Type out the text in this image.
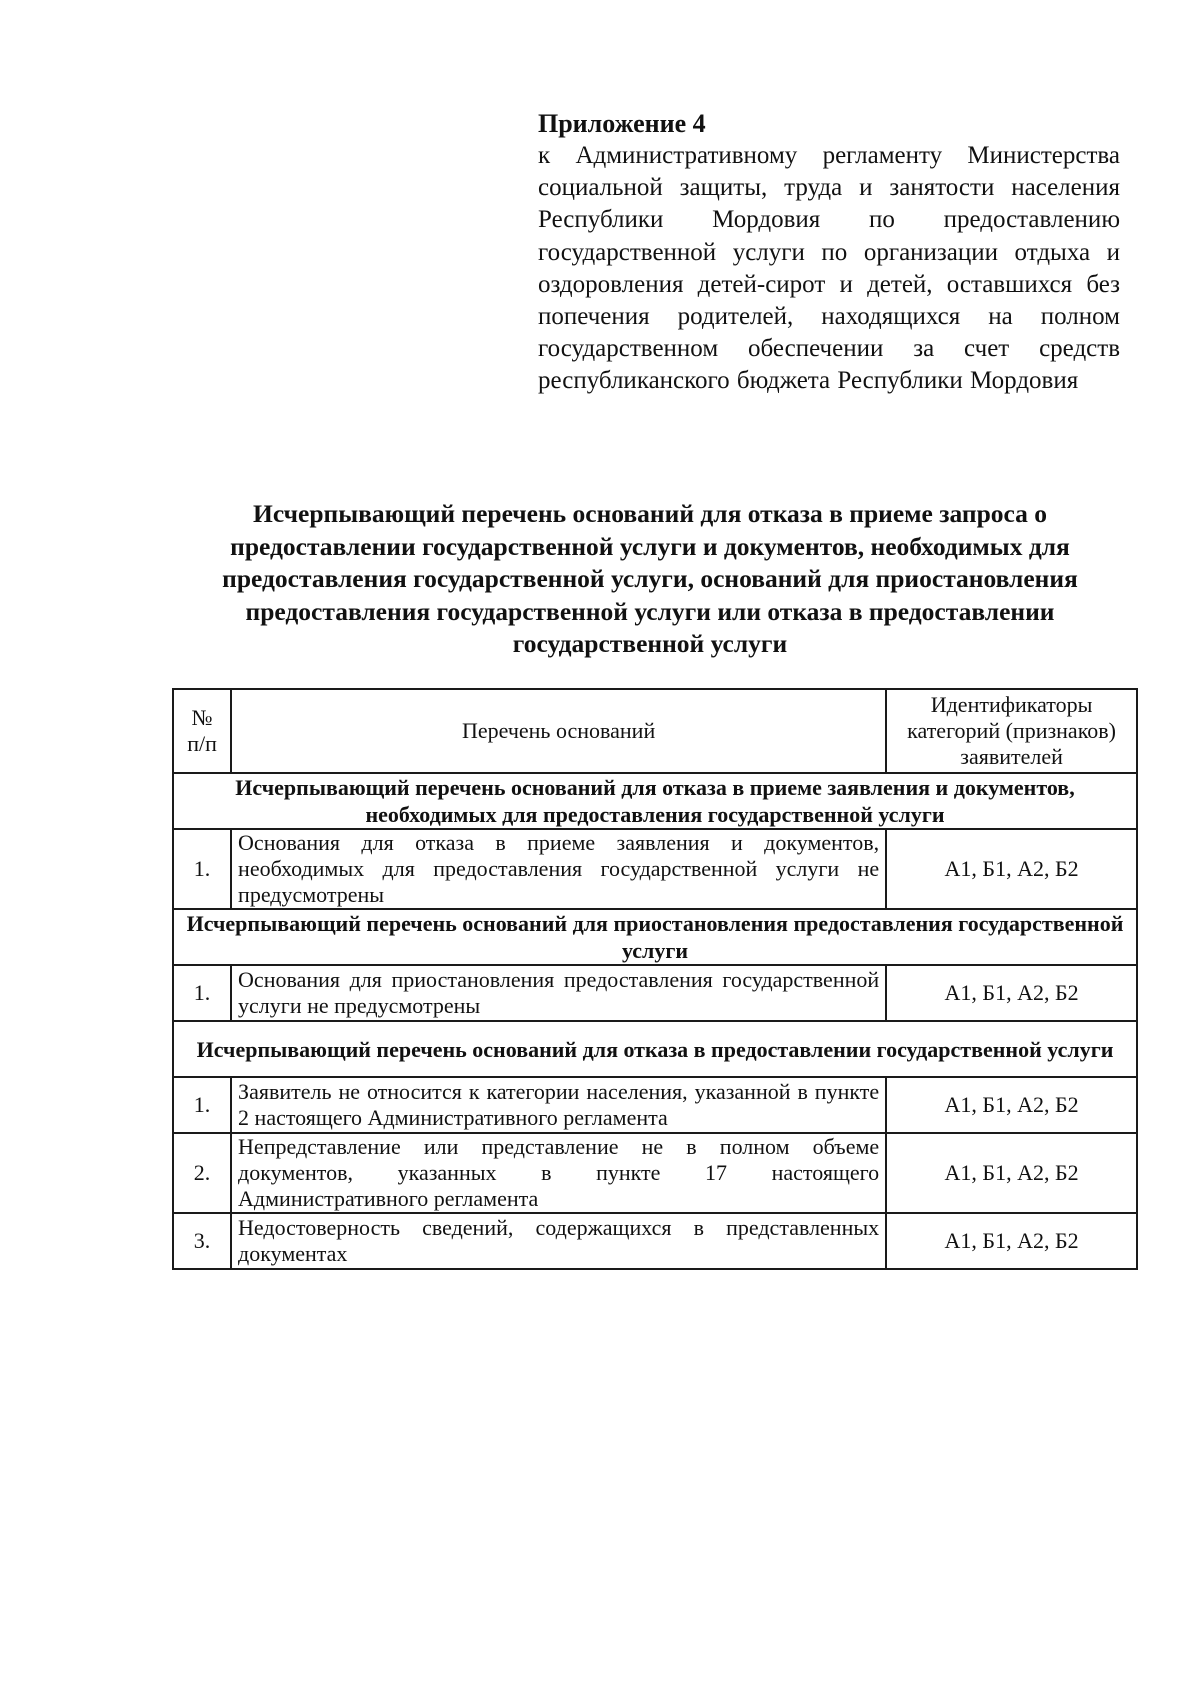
Приложение 4
к Административному регламенту Министерства социальной защиты, труда и занятости населения Республики Мордовия по предоставлению государственной услуги по организации отдыха и оздоровления детей-сирот и детей, оставшихся без попечения родителей, находящихся на полном государственном обеспечении за счет средств республиканского бюджета Республики Мордовия
Исчерпывающий перечень оснований для отказа в приеме запроса о предоставлении государственной услуги и документов, необходимых для предоставления государственной услуги, оснований для приостановления предоставления государственной услуги или отказа в предоставлении государственной услуги
№ п/п	Перечень оснований	Идентификаторы категорий (признаков) заявителей
Исчерпывающий перечень оснований для отказа в приеме заявления и документов, необходимых для предоставления государственной услуги		
1.	Основания для отказа в приеме заявления и документов, необходимых для предоставления государственной услуги не предусмотрены	А1, Б1, А2, Б2
Исчерпывающий перечень оснований для приостановления предоставления государственной услуги		
1.	Основания для приостановления предоставления государственной услуги не предусмотрены	А1, Б1, А2, Б2
Исчерпывающий перечень оснований для отказа в предоставлении государственной услуги		
1.	Заявитель не относится к категории населения, указанной в пункте 2 настоящего Административного регламента	А1, Б1, А2, Б2
2.	Непредставление или представление не в полном объеме документов, указанных в пункте 17 настоящего Административного регламента	А1, Б1, А2, Б2
3.	Недостоверность сведений, содержащихся в представленных документах	А1, Б1, А2, Б2
